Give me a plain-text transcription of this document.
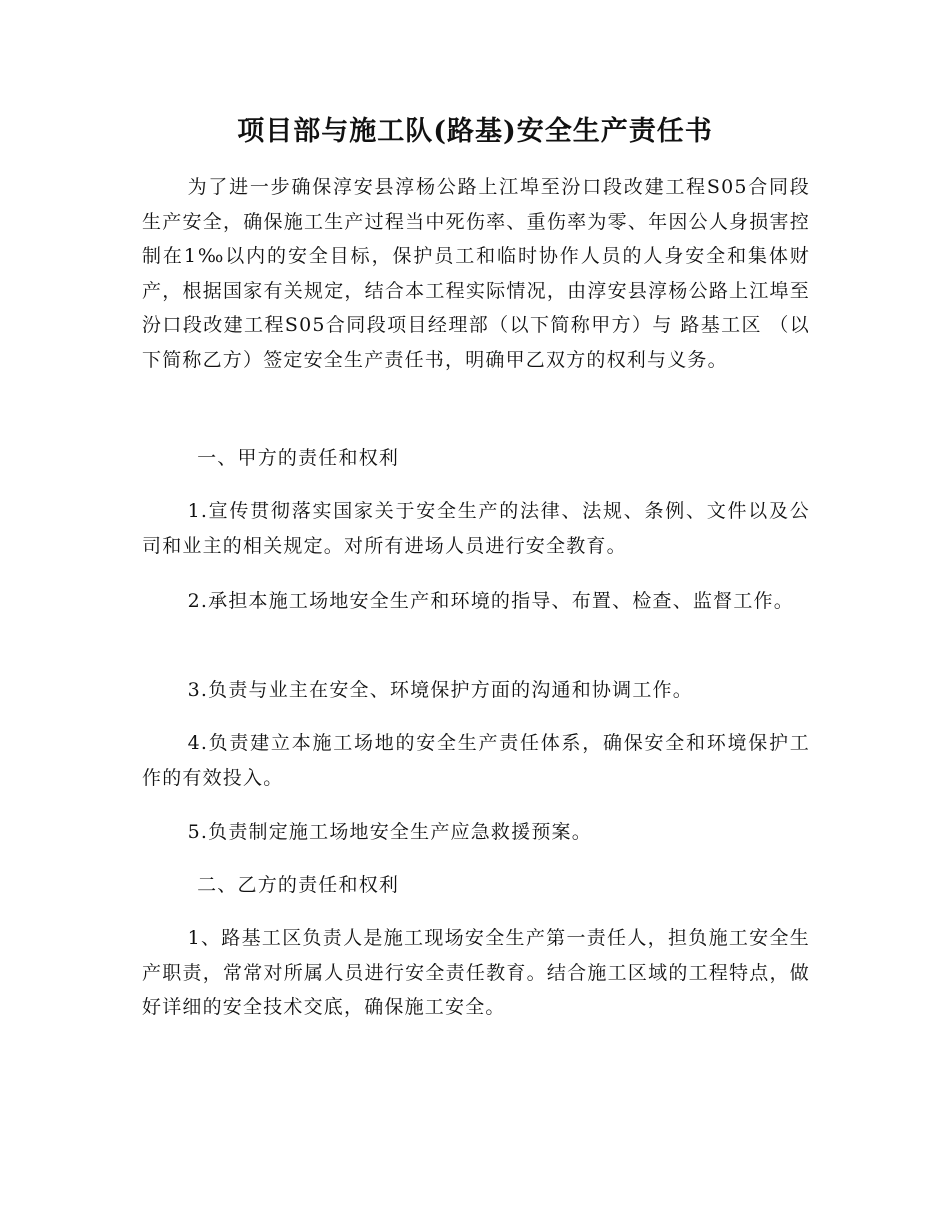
项目部与施工队(路基)安全生产责任书

为了进一步确保淳安县淳杨公路上江埠至汾口段改建工程S05合同段生产安全，确保施工生产过程当中死伤率、重伤率为零、年因公人身损害控制在1‰以内的安全目标，保护员工和临时协作人员的人身安全和集体财产，根据国家有关规定，结合本工程实际情况，由淳安县淳杨公路上江埠至汾口段改建工程S05合同段项目经理部（以下简称甲方）与 路基工区 （以下简称乙方）签定安全生产责任书，明确甲乙双方的权利与义务。

一、甲方的责任和权利

1.宣传贯彻落实国家关于安全生产的法律、法规、条例、文件以及公司和业主的相关规定。对所有进场人员进行安全教育。

2.承担本施工场地安全生产和环境的指导、布置、检查、监督工作。

3.负责与业主在安全、环境保护方面的沟通和协调工作。

4.负责建立本施工场地的安全生产责任体系，确保安全和环境保护工作的有效投入。

5.负责制定施工场地安全生产应急救援预案。

二、乙方的责任和权利

1、路基工区负责人是施工现场安全生产第一责任人，担负施工安全生产职责，常常对所属人员进行安全责任教育。结合施工区域的工程特点，做好详细的安全技术交底，确保施工安全。
